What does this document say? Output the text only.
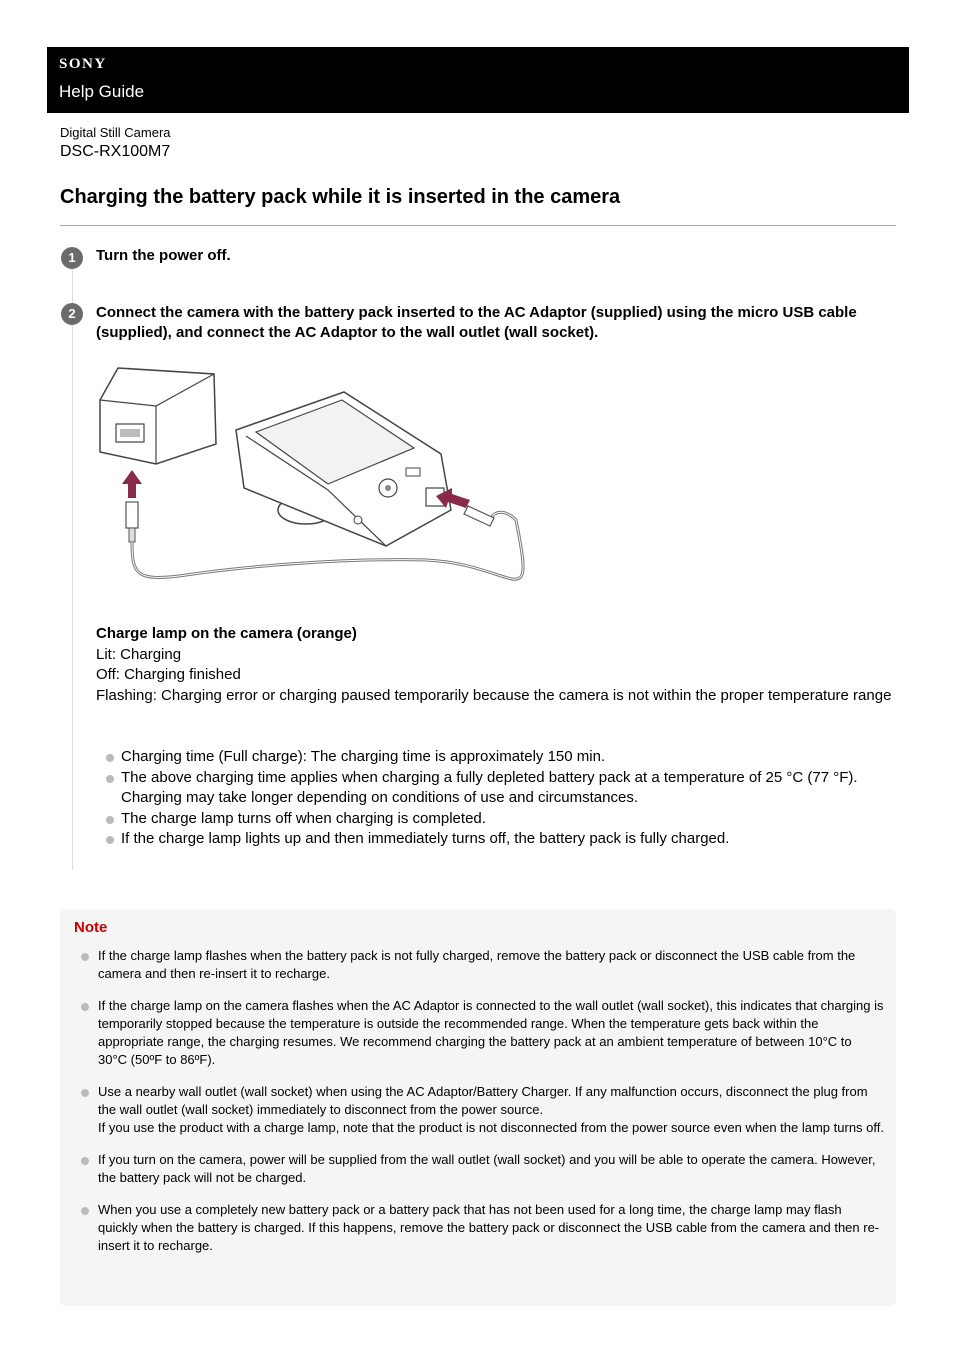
SONY
Help Guide
Digital Still Camera
DSC-RX100M7
Charging the battery pack while it is inserted in the camera
1	Turn the power off.
2	Connect the camera with the battery pack inserted to the AC Adaptor (supplied) using the micro USB cable (supplied), and connect the AC Adaptor to the wall outlet (wall socket).
Charge lamp on the camera (orange)
Lit: Charging
Off: Charging finished
Flashing: Charging error or charging paused temporarily because the camera is not within the proper temperature range
Charging time (Full charge): The charging time is approximately 150 min.
The above charging time applies when charging a fully depleted battery pack at a temperature of 25 °C (77 °F). Charging may take longer depending on conditions of use and circumstances.
The charge lamp turns off when charging is completed.
If the charge lamp lights up and then immediately turns off, the battery pack is fully charged.
Note

If the charge lamp flashes when the battery pack is not fully charged, remove the battery pack or disconnect the USB cable from the camera and then re-insert it to recharge.

If the charge lamp on the camera flashes when the AC Adaptor is connected to the wall outlet (wall socket), this indicates that charging is temporarily stopped because the temperature is outside the recommended range. When the temperature gets back within the appropriate range, the charging resumes. We recommend charging the battery pack at an ambient temperature of between 10°C to 30°C (50ºF to 86ºF).

Use a nearby wall outlet (wall socket) when using the AC Adaptor/Battery Charger. If any malfunction occurs, disconnect the plug from the wall outlet (wall socket) immediately to disconnect from the power source.

If you use the product with a charge lamp, note that the product is not disconnected from the power source even when the lamp turns off.

If you turn on the camera, power will be supplied from the wall outlet (wall socket) and you will be able to operate the camera. However, the battery pack will not be charged.

When you use a completely new battery pack or a battery pack that has not been used for a long time, the charge lamp may flash quickly when the battery is charged. If this happens, remove the battery pack or disconnect the USB cable from the camera and then re-insert it to recharge.
